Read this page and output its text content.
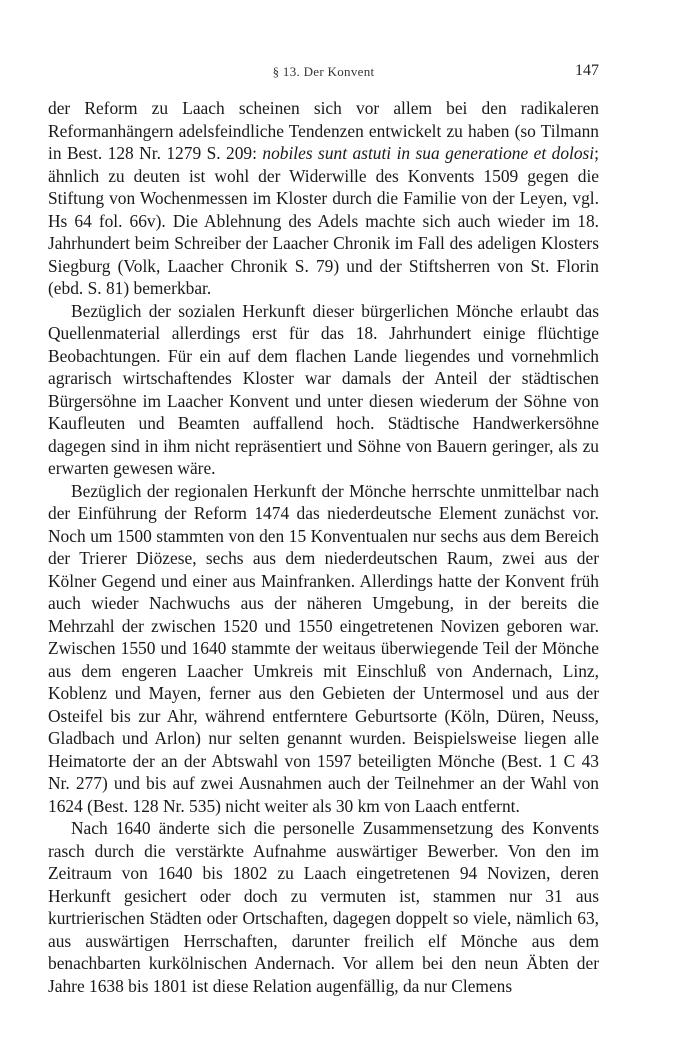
§ 13. Der Konvent	147

der Reform zu Laach scheinen sich vor allem bei den radikaleren Reformanhängern adelsfeindliche Tendenzen entwickelt zu haben (so Tilmann in Best. 128 Nr. 1279 S. 209: nobiles sunt astuti in sua generatione et dolosi; ähnlich zu deuten ist wohl der Widerwille des Konvents 1509 gegen die Stiftung von Wochenmessen im Kloster durch die Familie von der Leyen, vgl. Hs 64 fol. 66v). Die Ablehnung des Adels machte sich auch wieder im 18. Jahrhundert beim Schreiber der Laacher Chronik im Fall des adeligen Klosters Siegburg (Volk, Laacher Chronik S. 79) und der Stiftsherren von St. Florin (ebd. S. 81) bemerkbar.

Bezüglich der sozialen Herkunft dieser bürgerlichen Mönche erlaubt das Quellenmaterial allerdings erst für das 18. Jahrhundert einige flüchtige Beobachtungen. Für ein auf dem flachen Lande liegendes und vornehmlich agrarisch wirtschaftendes Kloster war damals der Anteil der städtischen Bürgersöhne im Laacher Konvent und unter diesen wiederum der Söhne von Kaufleuten und Beamten auffallend hoch. Städtische Handwerkersöhne dagegen sind in ihm nicht repräsentiert und Söhne von Bauern geringer, als zu erwarten gewesen wäre.

Bezüglich der regionalen Herkunft der Mönche herrschte unmittelbar nach der Einführung der Reform 1474 das niederdeutsche Element zunächst vor. Noch um 1500 stammten von den 15 Konventualen nur sechs aus dem Bereich der Trierer Diözese, sechs aus dem niederdeutschen Raum, zwei aus der Kölner Gegend und einer aus Mainfranken. Allerdings hatte der Konvent früh auch wieder Nachwuchs aus der näheren Umgebung, in der bereits die Mehrzahl der zwischen 1520 und 1550 eingetretenen Novizen geboren war. Zwischen 1550 und 1640 stammte der weitaus überwiegende Teil der Mönche aus dem engeren Laacher Umkreis mit Einschluß von Andernach, Linz, Koblenz und Mayen, ferner aus den Gebieten der Untermosel und aus der Osteifel bis zur Ahr, während entferntere Geburtsorte (Köln, Düren, Neuss, Gladbach und Arlon) nur selten genannt wurden. Beispielsweise liegen alle Heimatorte der an der Abtswahl von 1597 beteiligten Mönche (Best. 1 C 43 Nr. 277) und bis auf zwei Ausnahmen auch der Teilnehmer an der Wahl von 1624 (Best. 128 Nr. 535) nicht weiter als 30 km von Laach entfernt.

Nach 1640 änderte sich die personelle Zusammensetzung des Konvents rasch durch die verstärkte Aufnahme auswärtiger Bewerber. Von den im Zeitraum von 1640 bis 1802 zu Laach eingetretenen 94 Novizen, deren Herkunft gesichert oder doch zu vermuten ist, stammen nur 31 aus kurtrierischen Städten oder Ortschaften, dagegen doppelt so viele, nämlich 63, aus auswärtigen Herrschaften, darunter freilich elf Mönche aus dem benachbarten kurkölnischen Andernach. Vor allem bei den neun Äbten der Jahre 1638 bis 1801 ist diese Relation augenfällig, da nur Clemens
